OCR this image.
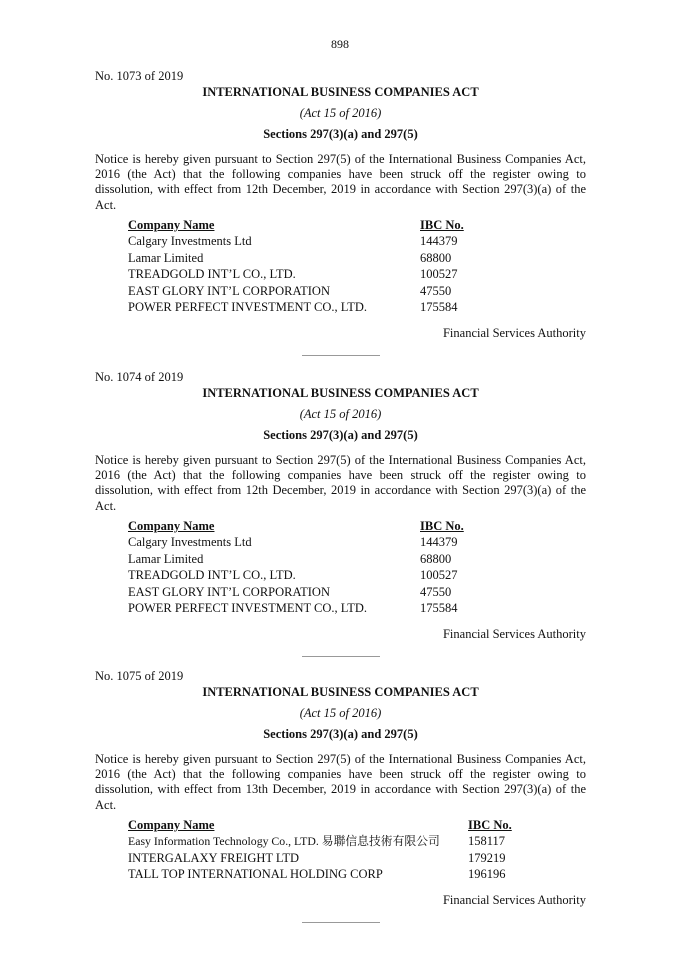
898
No. 1073 of 2019
INTERNATIONAL BUSINESS COMPANIES ACT
(Act 15 of 2016)
Sections 297(3)(a) and 297(5)
Notice is hereby given pursuant to Section 297(5) of the International Business Companies Act, 2016 (the Act) that the following companies have been struck off the register owing to dissolution, with effect from 12th December, 2019 in accordance with Section 297(3)(a) of the Act.
Company Name	IBC No.
Calgary Investments Ltd	144379
Lamar Limited	68800
TREADGOLD INT’L CO., LTD.	100527
EAST GLORY INT’L CORPORATION	47550
POWER PERFECT INVESTMENT CO., LTD.	175584
Financial Services Authority
No. 1074 of 2019
INTERNATIONAL BUSINESS COMPANIES ACT
(Act 15 of 2016)
Sections 297(3)(a) and 297(5)
Notice is hereby given pursuant to Section 297(5) of the International Business Companies Act, 2016 (the Act) that the following companies have been struck off the register owing to dissolution, with effect from 12th December, 2019 in accordance with Section 297(3)(a) of the Act.
Company Name	IBC No.
Calgary Investments Ltd	144379
Lamar Limited	68800
TREADGOLD INT’L CO., LTD.	100527
EAST GLORY INT’L CORPORATION	47550
POWER PERFECT INVESTMENT CO., LTD.	175584
Financial Services Authority
No. 1075 of 2019
INTERNATIONAL BUSINESS COMPANIES ACT
(Act 15 of 2016)
Sections 297(3)(a) and 297(5)
Notice is hereby given pursuant to Section 297(5) of the International Business Companies Act, 2016 (the Act) that the following companies have been struck off the register owing to dissolution, with effect from 13th December, 2019 in accordance with Section 297(3)(a) of the Act.
Company Name	IBC No.
Easy Information Technology Co., LTD. 易聯信息技術有限公司	158117
INTERGALAXY FREIGHT LTD	179219
TALL TOP INTERNATIONAL HOLDING CORP	196196
Financial Services Authority
